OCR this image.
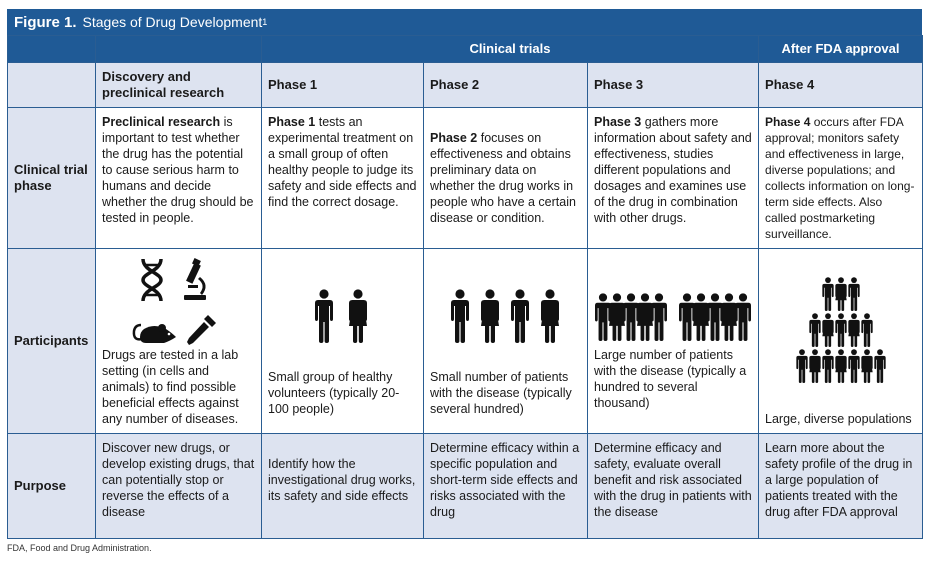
Figure 1. Stages of Drug Development 1
		Clinical trials			After FDA approval
	Discovery and preclinical research	Phase 1	Phase 2	Phase 3	Phase 4
Clinical trial phase	Preclinical research is important to test whether the drug has the potential to cause serious harm to humans and decide whether the drug should be tested in people.	Phase 1 tests an experimental treatment on a small group of often healthy people to judge its safety and side effects and find the correct dosage.	Phase 2 focuses on effectiveness and obtains preliminary data on whether the drug works in people who have a certain disease or condition.	Phase 3 gathers more information about safety and effectiveness, studies different populations and dosages and examines use of the drug in combination with other drugs.	Phase 4 occurs after FDA approval; monitors safety and effectiveness in large, diverse populations; and collects information on long-term side effects. Also called postmarketing surveillance.
Participants	Drugs are tested in a lab setting (in cells and animals) to find possible beneficial effects against any number of diseases.	Small group of healthy volunteers (typically 20-100 people)	Small number of patients with the disease (typically several hundred)	Large number of patients with the disease (typically a hundred to several thousand)	Large, diverse populations

Purpose	Discover new drugs, or develop existing drugs, that can potentially stop or reverse the effects of a disease	Identify how the investigational drug works, its safety and side effects	Determine efficacy within a specific population and short-term side effects and risks associated with the drug	Determine efficacy and safety, evaluate overall benefit and risk associated with the drug in patients with the disease	Learn more about the safety profile of the drug in a large population of patients treated with the drug after FDA approval
FDA, Food and Drug Administration.
